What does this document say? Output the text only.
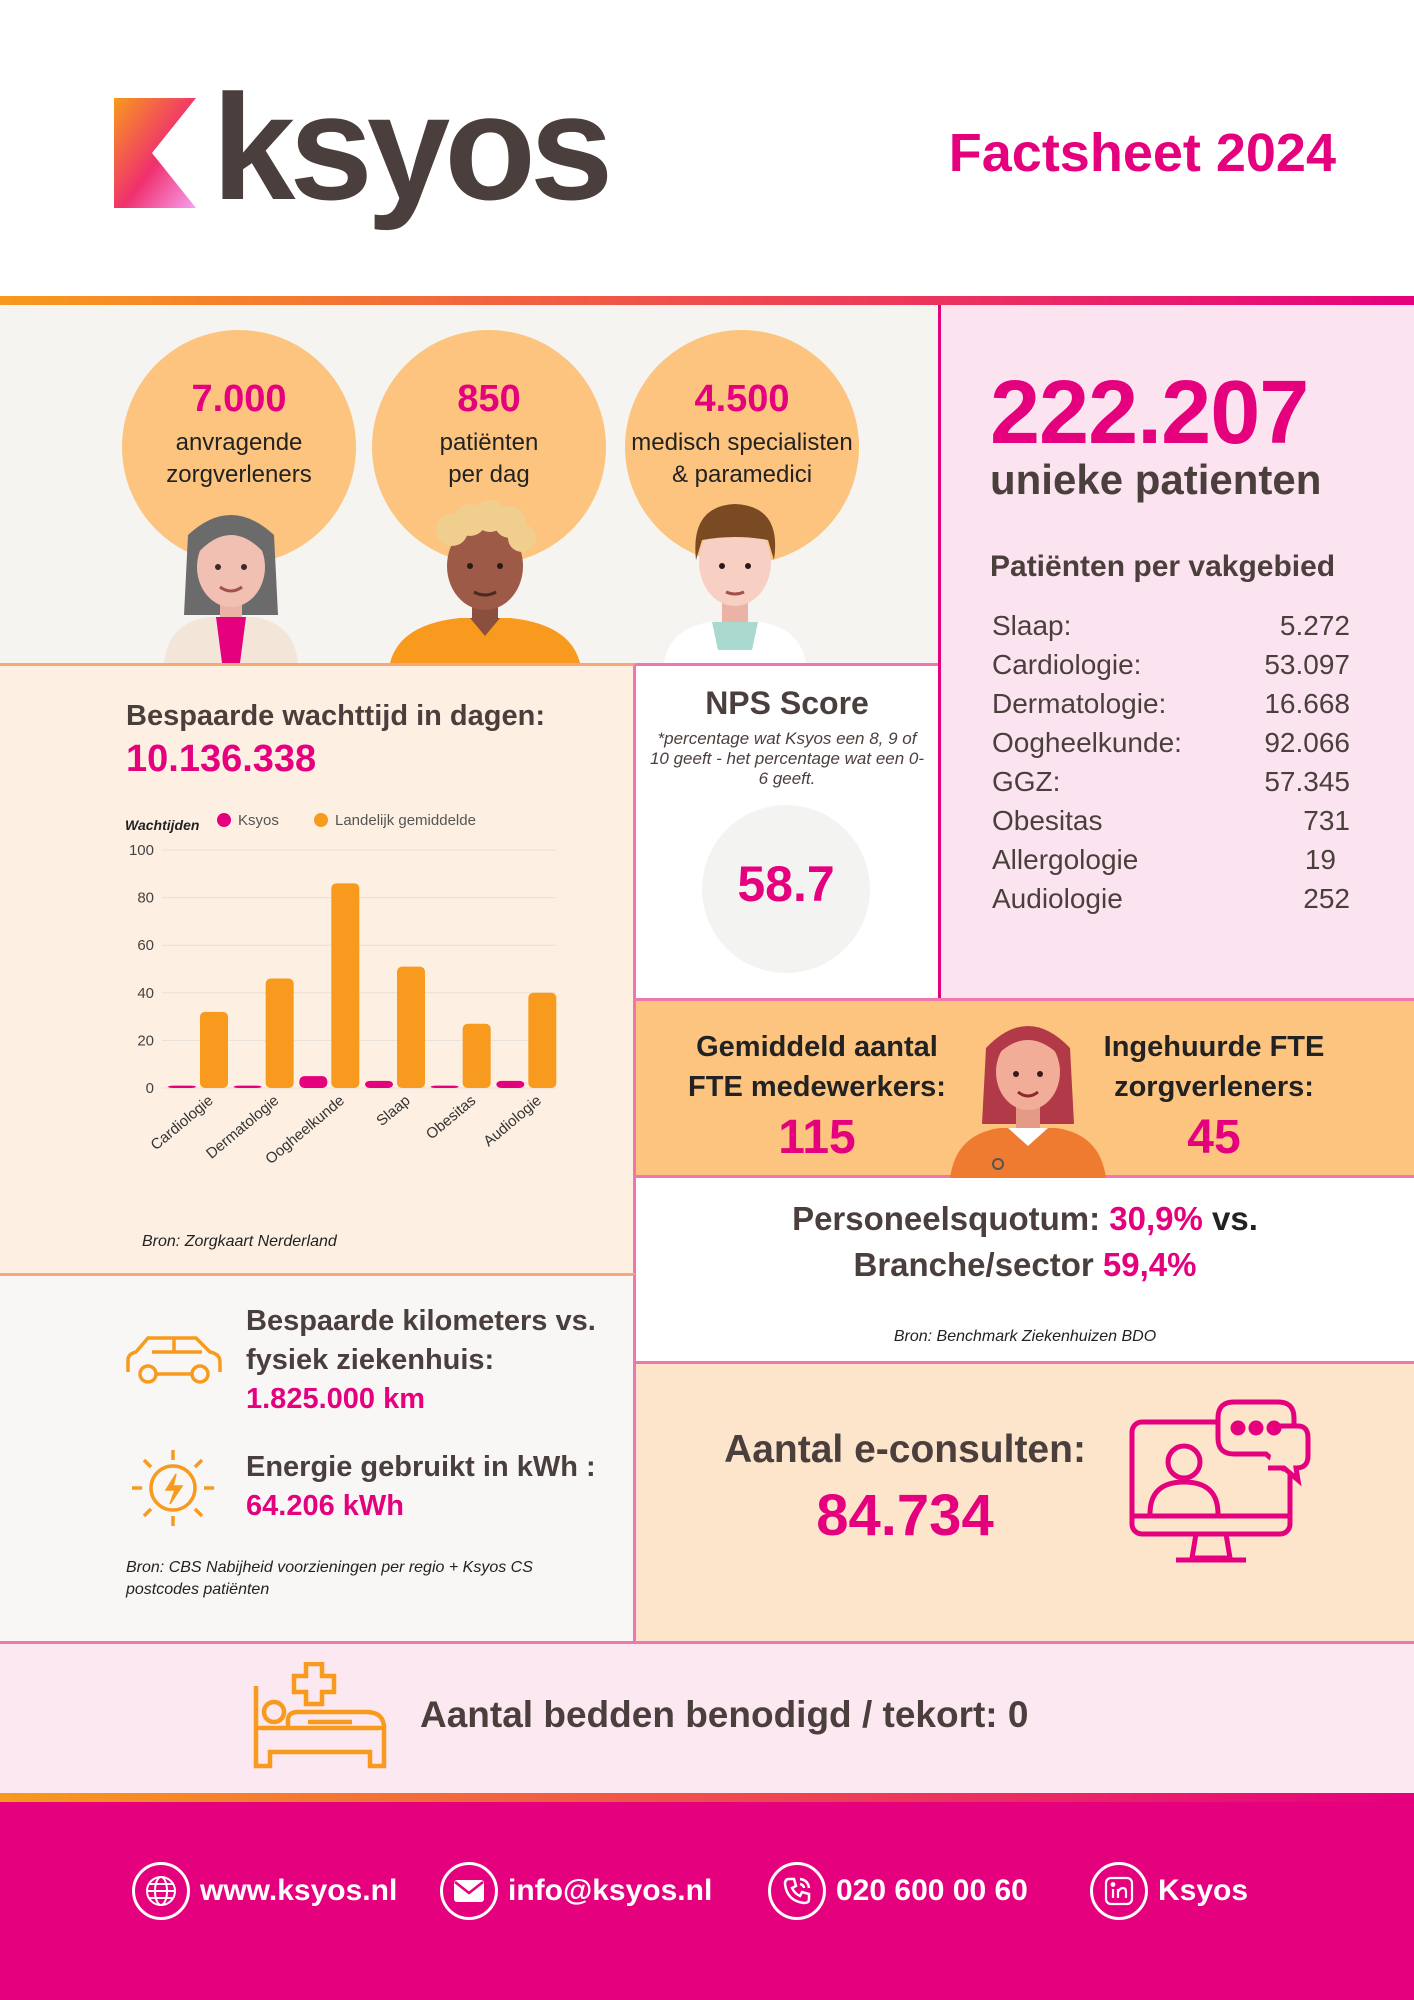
ksyos	Factsheet 2024
7.000
anvragende
zorgverleners
850
patiënten
per dag
4.500
medisch specialisten
& paramedici
222.207
unieke patienten
Patiënten per vakgebied
Slaap:	5.272
Cardiologie:	53.097
Dermatologie:	16.668
Oogheelkunde:	92.066
GGZ:	57.345
Obesitas	731
Allergologie	19
Audiologie	252
Bespaarde wachttijd in dagen:
10.136.338
Wachtijden	Ksyos	Landelijk gemiddelde
0
20
40
60
80
100
Cardiologie
Dermatologie
Oogheelkunde Slaap Obesitas Audiologie
Bron: Zorgkaart Nerderland
NPS Score
*percentage wat Ksyos een 8, 9 of 10 geeft - het percentage wat een 0-6 geeft.
58.7
Gemiddeld aantal
FTE medewerkers:
115
Ingehuurde FTE
zorgverleners:
45
Personeelsquotum: 30,9% vs.
Branche/sector 59,4%
Bron: Benchmark Ziekenhuizen BDO
Aantal e-consulten:
84.734
Bespaarde kilometers vs.
fysiek ziekenhuis:
1.825.000 km
Energie gebruikt in kWh :
64.206 kWh
Bron: CBS Nabijheid voorzieningen per regio + Ksyos CS
postcodes patiënten
Aantal bedden benodigd / tekort: 0
www.ksyos.nl	info@ksyos.nl	020 600 00 60	Ksyos
